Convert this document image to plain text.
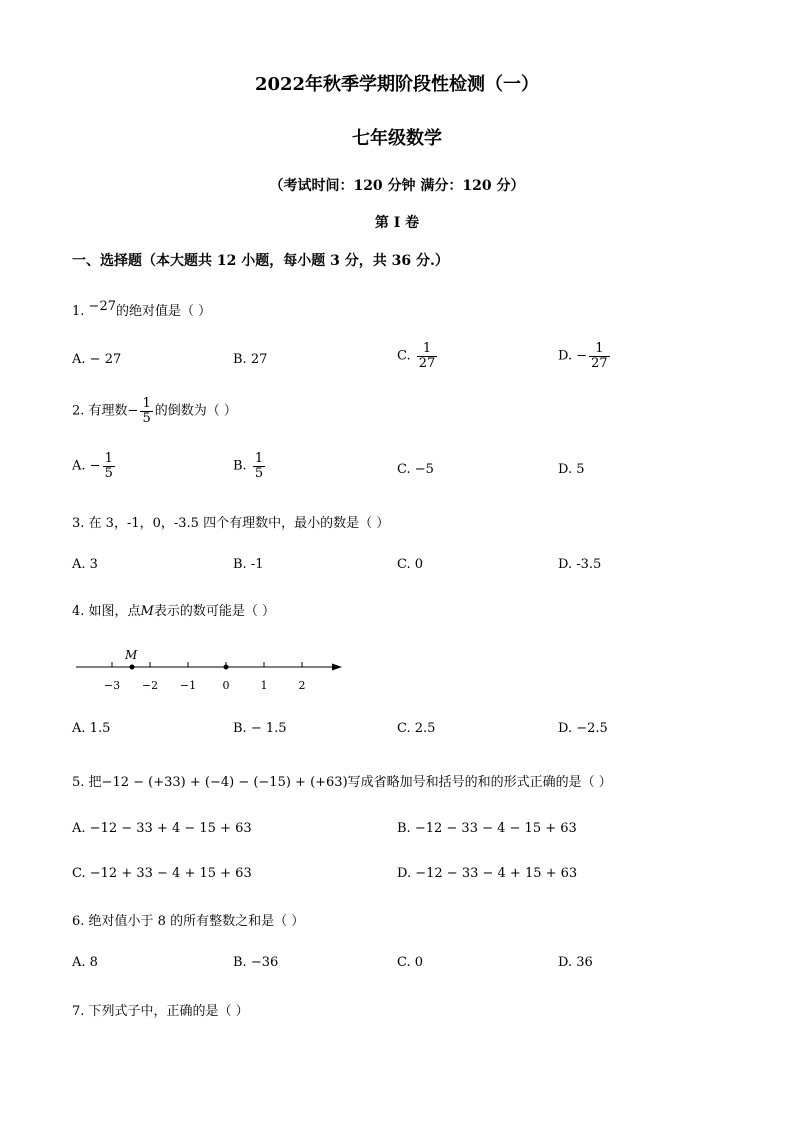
2022年秋季学期阶段性检测（一）
七年级数学
（考试时间：120 分钟 满分：120 分）
第 I 卷
一、选择题（本大题共 12 小题，每小题 3 分，共 36 分.）
1. −27的绝对值是（ ）
A. − 27	B. 27	C. $\frac{1}{27}$	D. − $\frac{1}{27}$
2. 有理数− $\frac{1}{5}$ 的倒数为（ ）
A. − $\frac{1}{5}$	B. $\frac{1}{5}$	C. −5	D. 5
3. 在 3，-1，0，-3.5 四个有理数中，最小的数是（ ）
A. 3	B. -1	C. 0	D. -3.5
4. 如图，点M表示的数可能是（ ）
M
−3 −2 −1 0	1	2
A. 1.5	B. − 1.5	C. 2.5	D. −2.5
5. 把−12 − (+33) + (−4) − (−15) + (+63)写成省略加号和括号的和的形式正确的是（ ）
A. −12 − 33 + 4 − 15 + 63	B. −12 − 33 − 4 − 15 + 63
C. −12 + 33 − 4 + 15 + 63	D. −12 − 33 − 4 + 15 + 63
6. 绝对值小于 8 的所有整数之和是（ ）
A. 8	B. −36	C. 0	D. 36
7. 下列式子中，正确的是（ ）
